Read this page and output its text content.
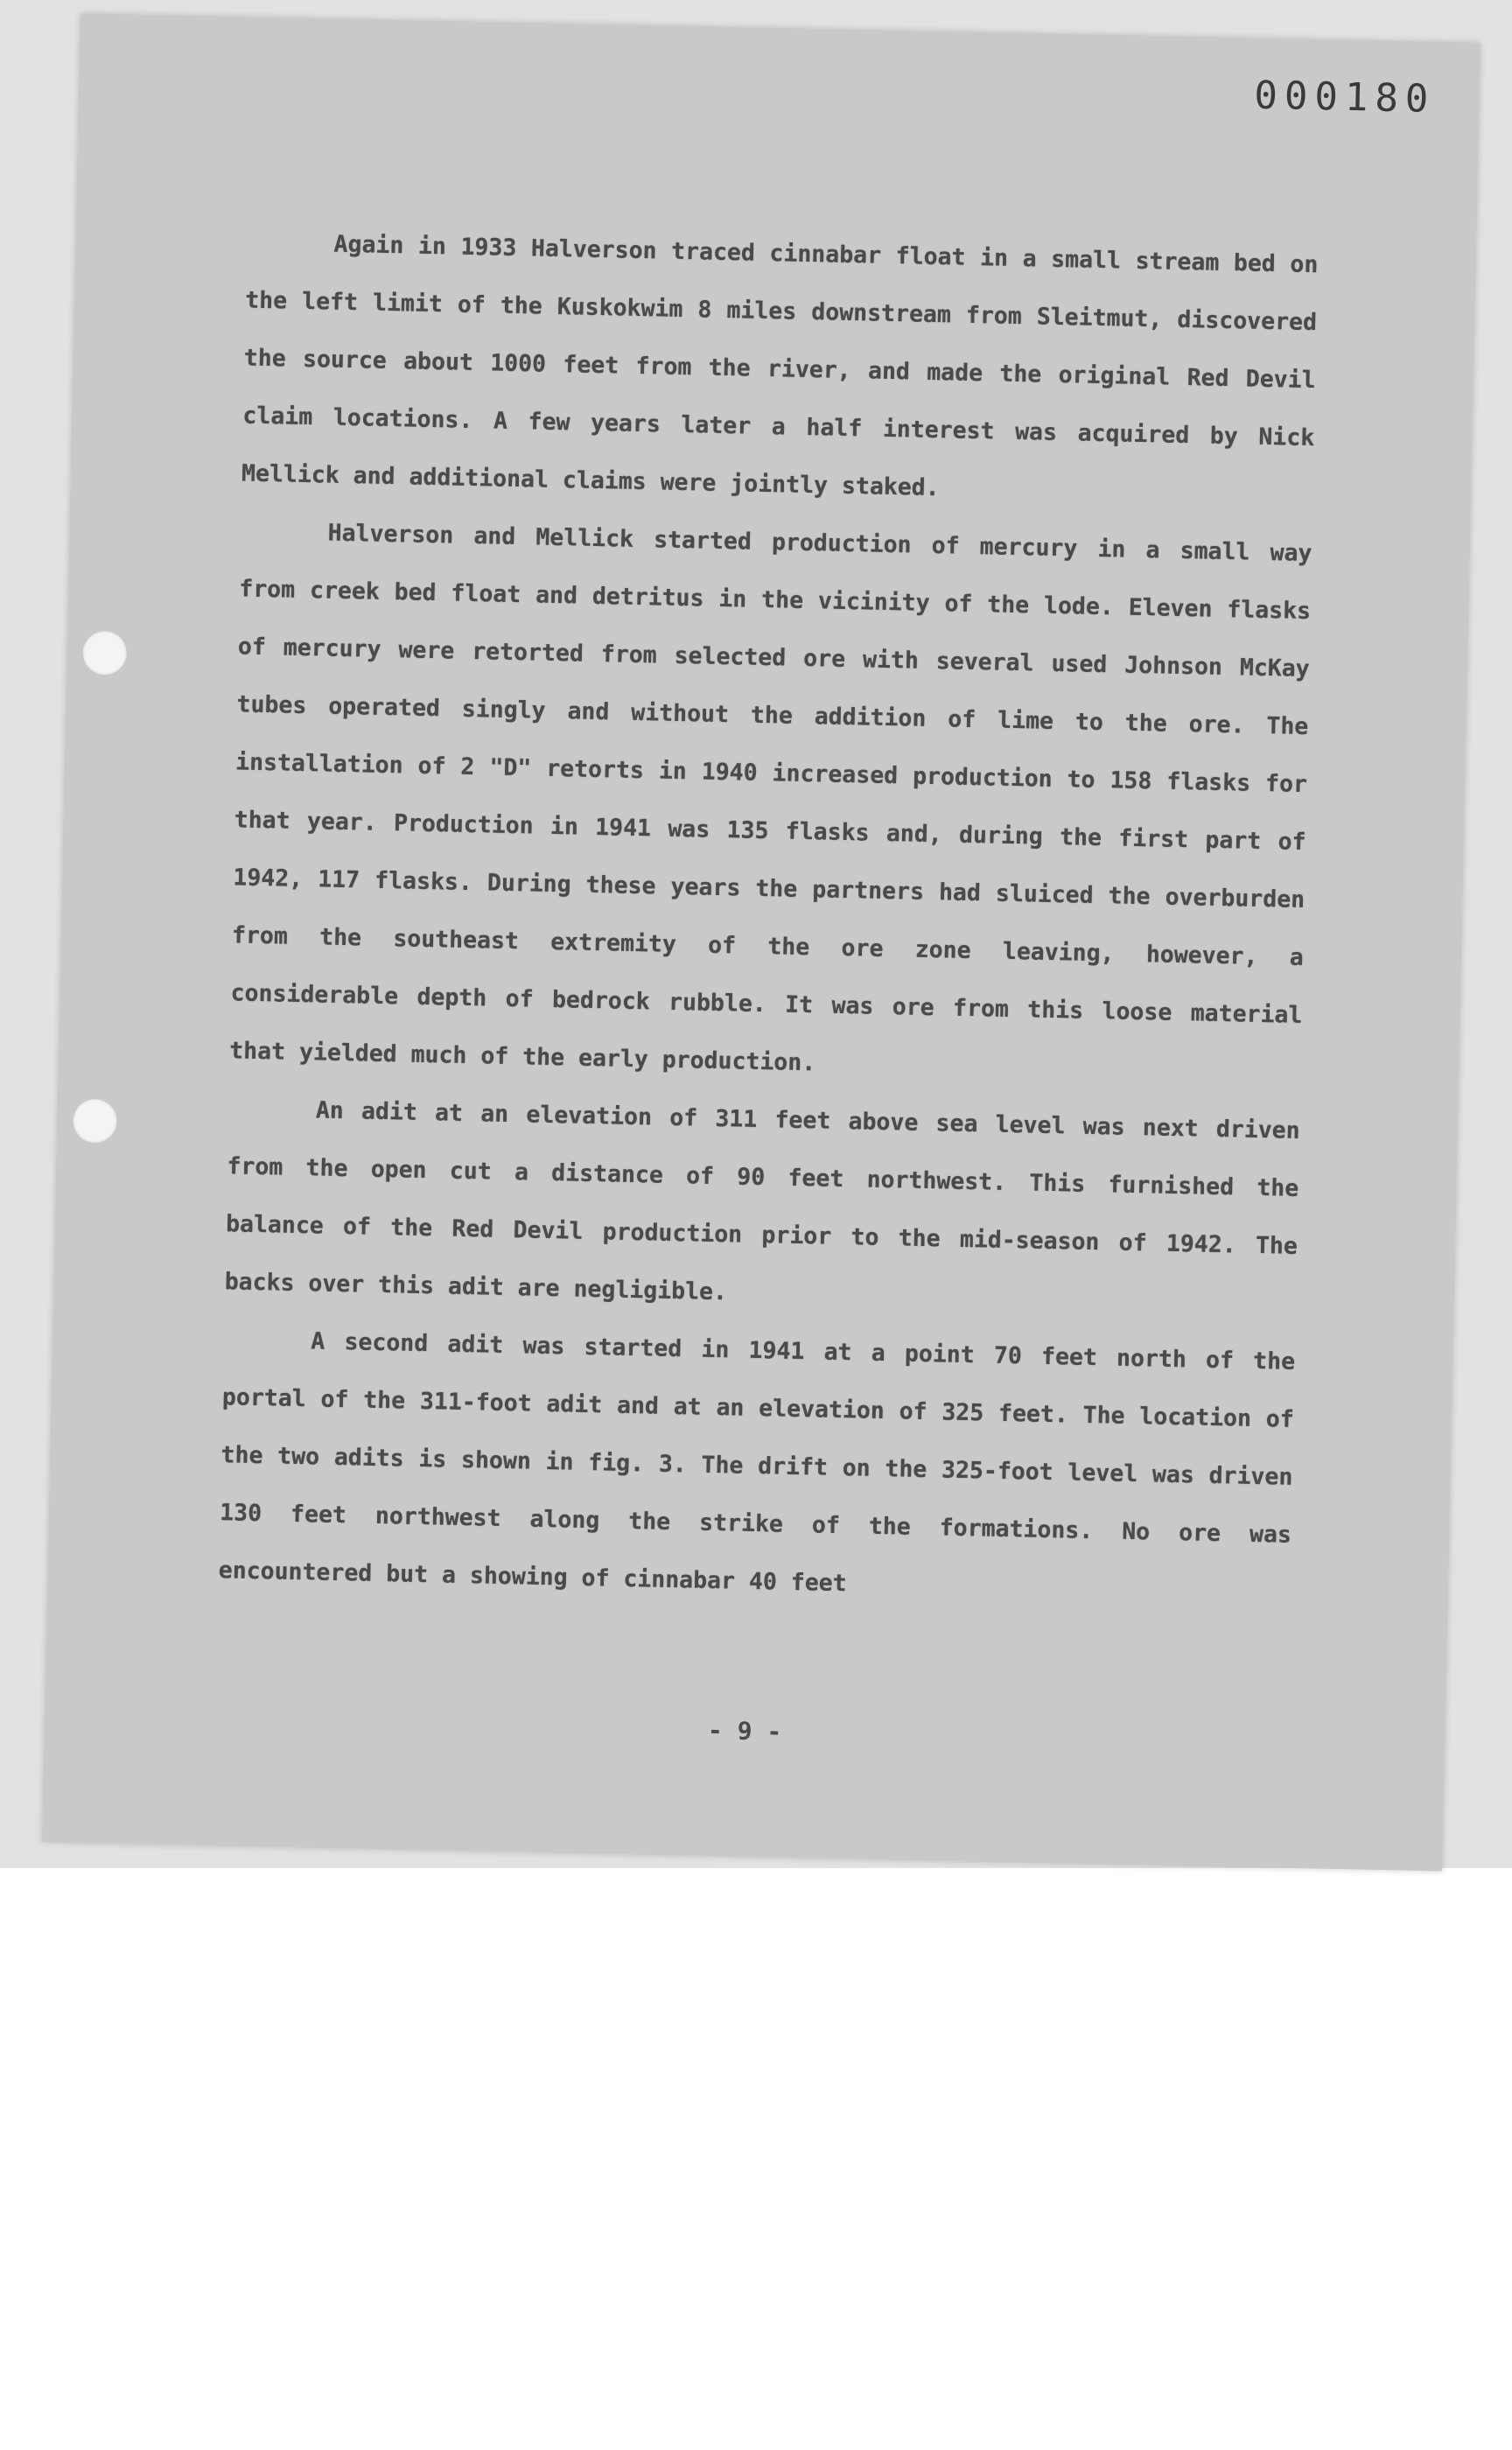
000180

Again in 1933 Halverson traced cinnabar float in a small stream bed on the left limit of the Kuskokwim 8 miles downstream from Sleitmut, discovered the source about 1000 feet from the river, and made the original Red Devil claim locations. A few years later a half interest was acquired by Nick Mellick and additional claims were jointly staked.

Halverson and Mellick started production of mercury in a small way from creek bed float and detritus in the vicinity of the lode. Eleven flasks of mercury were retorted from selected ore with several used Johnson McKay tubes operated singly and without the addition of lime to the ore. The installation of 2 "D" retorts in 1940 increased production to 158 flasks for that year. Production in 1941 was 135 flasks and, during the first part of 1942, 117 flasks. During these years the partners had sluiced the overburden from the southeast extremity of the ore zone leaving, however, a considerable depth of bedrock rubble. It was ore from this loose material that yielded much of the early production.

An adit at an elevation of 311 feet above sea level was next driven from the open cut a distance of 90 feet northwest. This furnished the balance of the Red Devil production prior to the mid-season of 1942. The backs over this adit are negligible.

A second adit was started in 1941 at a point 70 feet north of the portal of the 311-foot adit and at an elevation of 325 feet. The location of the two adits is shown in fig. 3. The drift on the 325-foot level was driven 130 feet northwest along the strike of the formations. No ore was encountered but a showing of cinnabar 40 feet

- 9 -
